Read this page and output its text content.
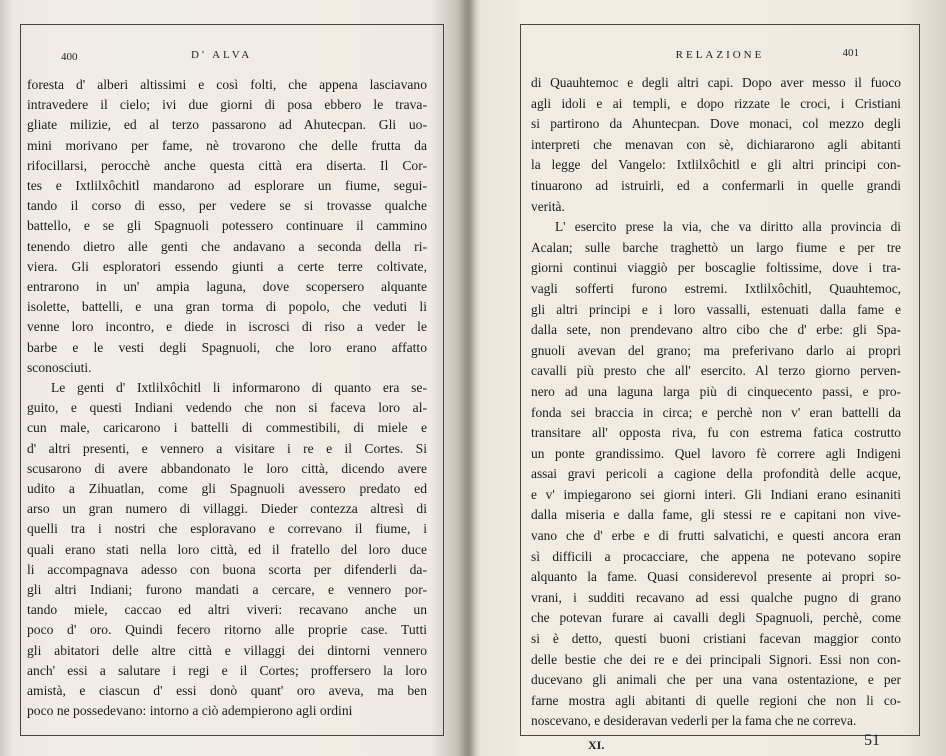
400	D' ALVA
foresta d' alberi altissimi e così folti, che appena lasciavano
intravedere il cielo; ivi due giorni di posa ebbero le trava-
gliate milizie, ed al terzo passarono ad Ahutecpan. Gli uo-
mini morivano per fame, nè trovarono che delle frutta da
rifocillarsi, perocchè anche questa città era diserta. Il Cor-
tes e Ixtlilxôchitl mandarono ad esplorare un fiume, segui-
tando il corso di esso, per vedere se si trovasse qualche
battello, e se gli Spagnuoli potessero continuare il cammino
tenendo dietro alle genti che andavano a seconda della ri-
viera. Gli esploratori essendo giunti a certe terre coltivate,
entrarono in un' ampia laguna, dove scopersero alquante
isolette, battelli, e una gran torma di popolo, che veduti li
venne loro incontro, e diede in iscrosci di riso a veder le
barbe e le vesti degli Spagnuoli, che loro erano affatto
sconosciuti.
Le genti d' Ixtlilxôchitl li informarono di quanto era se-
guito, e questi Indiani vedendo che non si faceva loro al-
cun male, caricarono i battelli di commestibili, di miele e
d' altri presenti, e vennero a visitare i re e il Cortes. Si
scusarono di avere abbandonato le loro città, dicendo avere
udito a Zihuatlan, come gli Spagnuoli avessero predato ed
arso un gran numero di villaggi. Dieder contezza altresì di
quelli tra i nostri che esploravano e correvano il fiume, i
quali erano stati nella loro città, ed il fratello del loro duce
li accompagnava adesso con buona scorta per difenderli da-
gli altri Indiani; furono mandati a cercare, e vennero por-
tando miele, caccao ed altri viveri: recavano anche un
poco d' oro. Quindi fecero ritorno alle proprie case. Tutti
gli abitatori delle altre città e villaggi dei dintorni vennero
anch' essi a salutare i regi e il Cortes; proffersero la loro
amistà, e ciascun d' essi donò quant' oro aveva, ma ben
poco ne possedevano: intorno a ciò adempierono agli ordini
RELAZIONE	401
di Quauhtemoc e degli altri capi. Dopo aver messo il fuoco
agli idoli e ai templi, e dopo rizzate le croci, i Cristiani
si partirono da Ahuntecpan. Dove monaci, col mezzo degli
interpreti che menavan con sè, dichiararono agli abitanti
la legge del Vangelo: Ixtlilxôchitl e gli altri principi con-
tinuarono ad istruirli, ed a confermarli in quelle grandi
verità.
L' esercito prese la via, che va diritto alla provincia di
Acalan; sulle barche traghettò un largo fiume e per tre
giorni continui viaggiò per boscaglie foltissime, dove i tra-
vagli sofferti furono estremi. Ixtlilxôchitl, Quauhtemoc,
gli altri principi e i loro vassalli, estenuati dalla fame e
dalla sete, non prendevano altro cibo che d' erbe: gli Spa-
gnuoli avevan del grano; ma preferivano darlo ai propri
cavalli più presto che all' esercito. Al terzo giorno perven-
nero ad una laguna larga più di cinquecento passi, e pro-
fonda sei braccia in circa; e perchè non v' eran battelli da
transitare all' opposta riva, fu con estrema fatica costrutto
un ponte grandissimo. Quel lavoro fè correre agli Indigeni
assai gravi pericoli a cagione della profondità delle acque,
e v' impiegarono sei giorni interi. Gli Indiani erano esinaniti
dalla miseria e dalla fame, gli stessi re e capitani non vive-
vano che d' erbe e di frutti salvatichi, e questi ancora eran
sì difficili a procacciare, che appena ne potevano sopire
alquanto la fame. Quasi considerevol presente ai propri so-
vrani, i sudditi recavano ad essi qualche pugno di grano
che potevan furare ai cavalli degli Spagnuoli, perchè, come
si è detto, questi buoni cristiani facevan maggior conto
delle bestie che dei re e dei principali Signori. Essi non con-
ducevano gli animali che per una vana ostentazione, e per
farne mostra agli abitanti di quelle regioni che non li co-
noscevano, e desideravan vederli per la fama che ne correva.
XI.	51
